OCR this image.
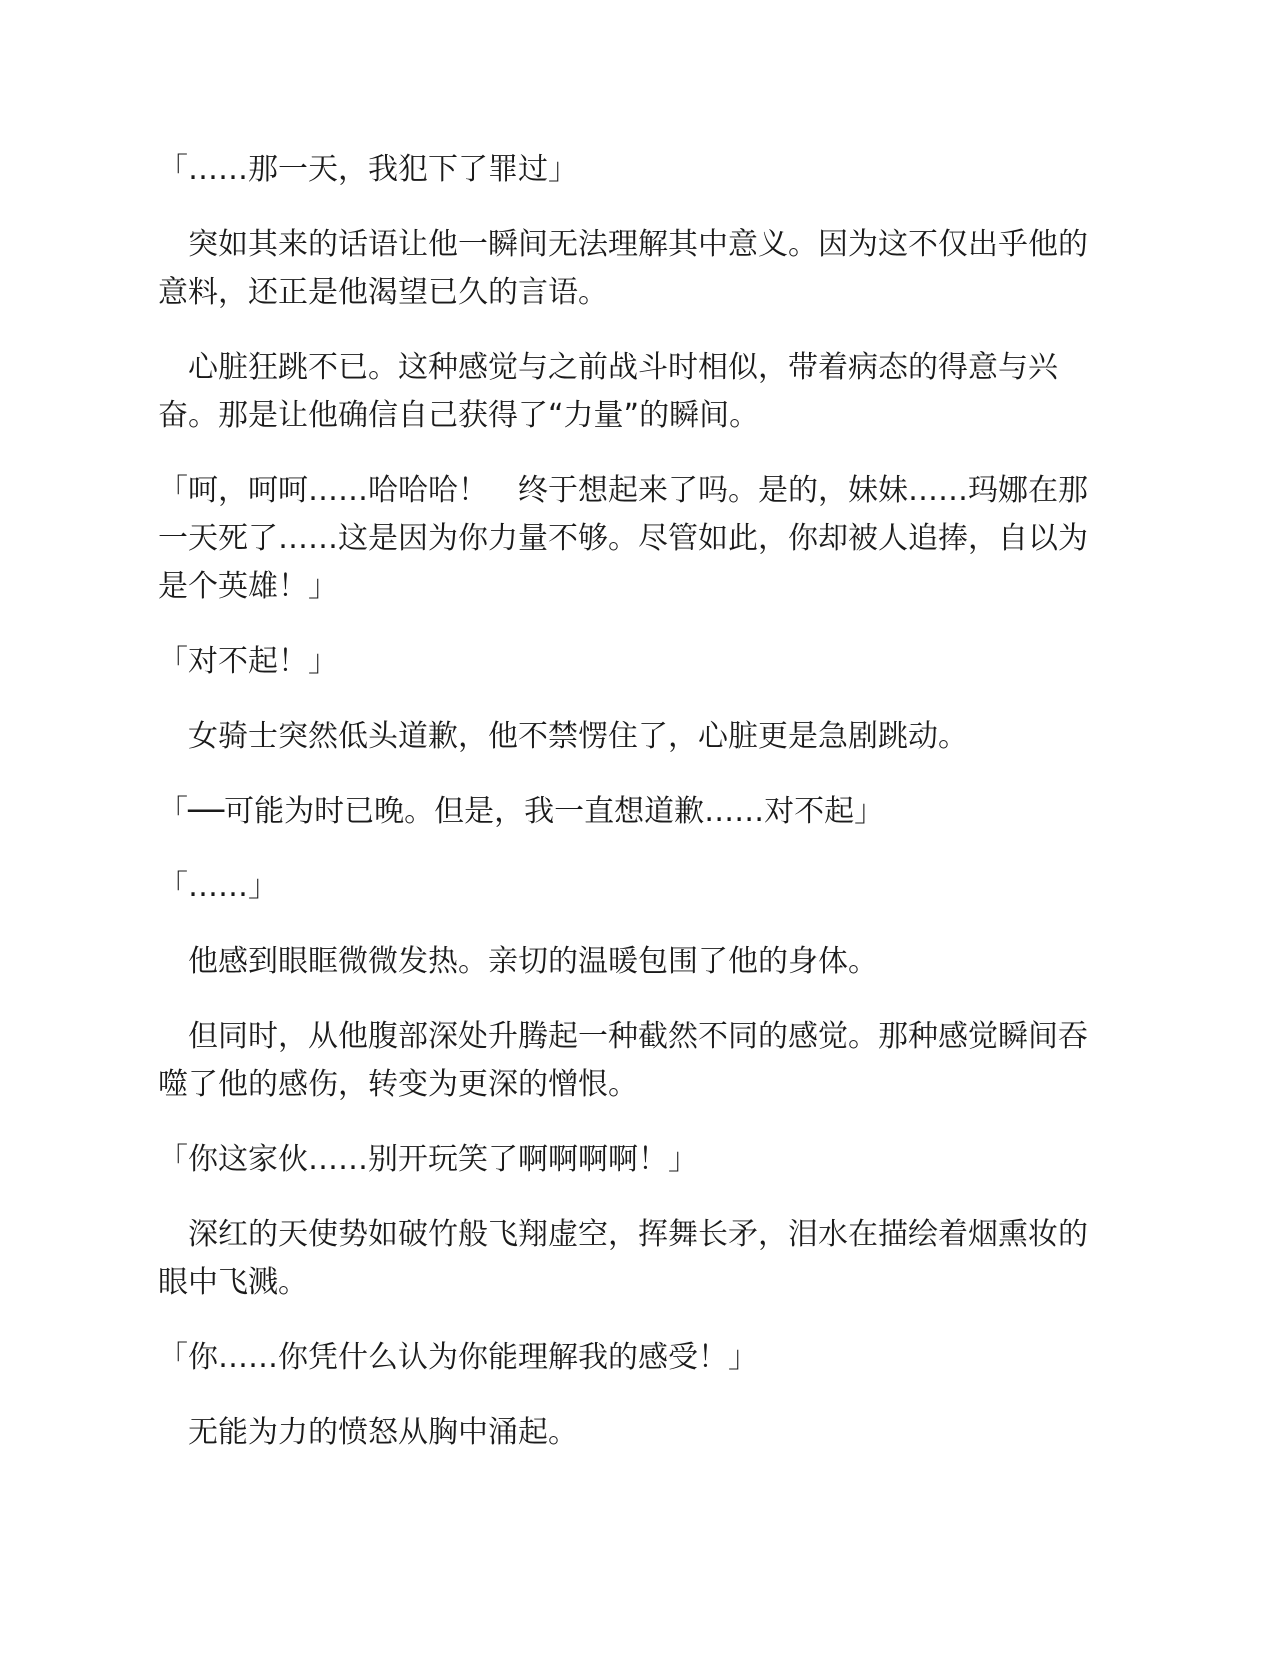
「……那一天，我犯下了罪过」

　突如其来的话语让他一瞬间无法理解其中意义。因为这不仅出乎他的意料，还正是他渴望已久的言语。

　心脏狂跳不已。这种感觉与之前战斗时相似，带着病态的得意与兴奋。那是让他确信自己获得了“力量”的瞬间。

「呵，呵呵……哈哈哈！　终于想起来了吗。是的，妹妹……玛娜在那一天死了……这是因为你力量不够。尽管如此，你却被人追捧，自以为是个英雄！」

「对不起！」

　女骑士突然低头道歉，他不禁愣住了，心脏更是急剧跳动。

「──可能为时已晚。但是，我一直想道歉……对不起」

「……」

　他感到眼眶微微发热。亲切的温暖包围了他的身体。

　但同时，从他腹部深处升腾起一种截然不同的感觉。那种感觉瞬间吞噬了他的感伤，转变为更深的憎恨。

「你这家伙……别开玩笑了啊啊啊啊！」

　深红的天使势如破竹般飞翔虚空，挥舞长矛，泪水在描绘着烟熏妆的眼中飞溅。

「你……你凭什么认为你能理解我的感受！」

　无能为力的愤怒从胸中涌起。
